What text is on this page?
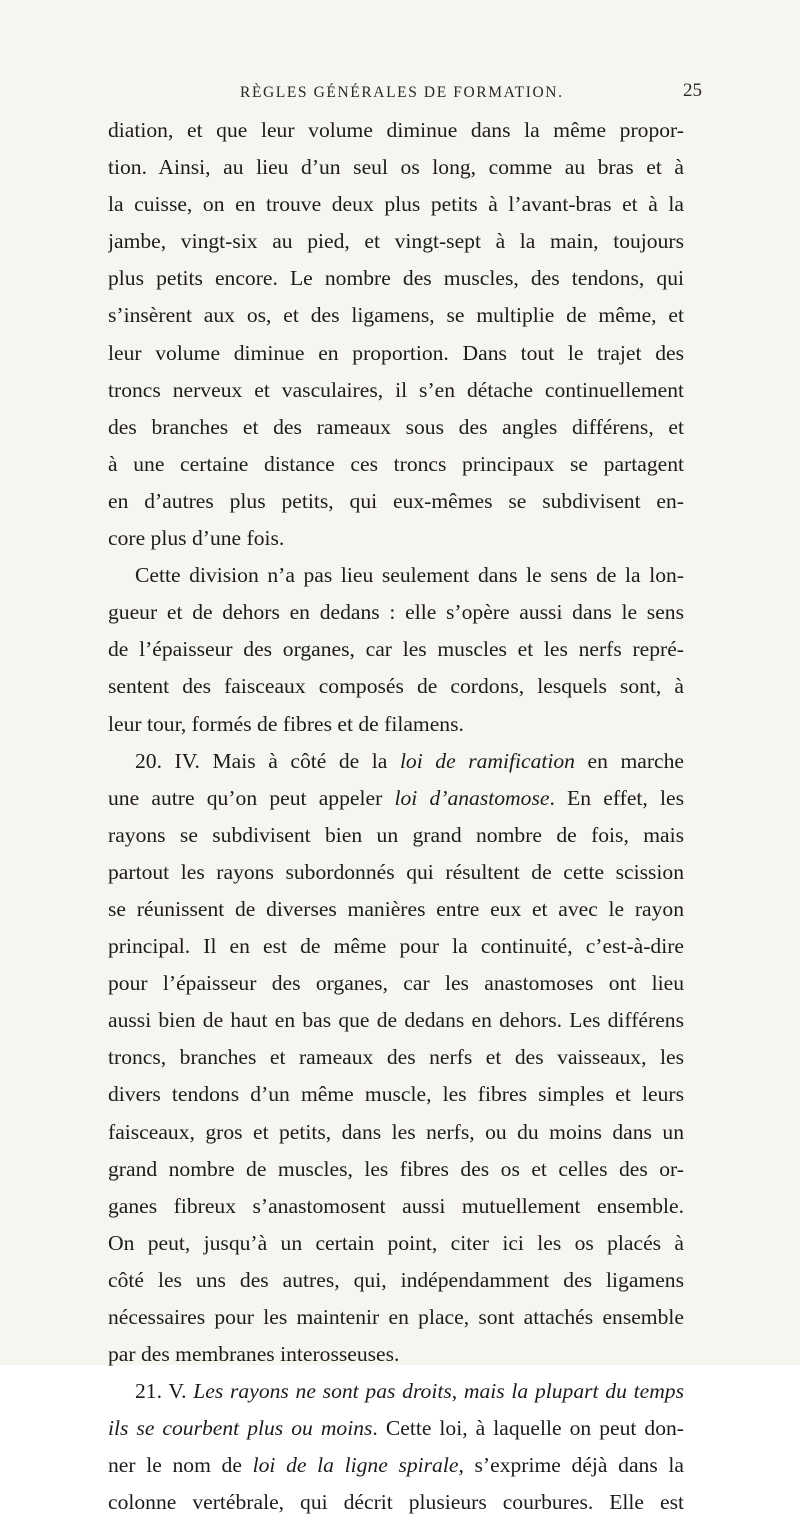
RÈGLES GÉNÉRALES DE FORMATION.	25
diation, et que leur volume diminue dans la même propor-
tion. Ainsi, au lieu d’un seul os long, comme au bras et à
la cuisse, on en trouve deux plus petits à l’avant-bras et à la
jambe, vingt-six au pied, et vingt-sept à la main, toujours
plus petits encore. Le nombre des muscles, des tendons, qui
s’insèrent aux os, et des ligamens, se multiplie de même, et
leur volume diminue en proportion. Dans tout le trajet des
troncs nerveux et vasculaires, il s’en détache continuellement
des branches et des rameaux sous des angles différens, et
à une certaine distance ces troncs principaux se partagent
en d’autres plus petits, qui eux-mêmes se subdivisent en-
core plus d’une fois.
Cette division n’a pas lieu seulement dans le sens de la lon-
gueur et de dehors en dedans : elle s’opère aussi dans le sens
de l’épaisseur des organes, car les muscles et les nerfs repré-
sentent des faisceaux composés de cordons, lesquels sont, à
leur tour, formés de fibres et de filamens.
20. IV. Mais à côté de la loi de ramification en marche
une autre qu’on peut appeler loi d’anastomose. En effet, les
rayons se subdivisent bien un grand nombre de fois, mais
partout les rayons subordonnés qui résultent de cette scission
se réunissent de diverses manières entre eux et avec le rayon
principal. Il en est de même pour la continuité, c’est-à-dire
pour l’épaisseur des organes, car les anastomoses ont lieu
aussi bien de haut en bas que de dedans en dehors. Les différens
troncs, branches et rameaux des nerfs et des vaisseaux, les
divers tendons d’un même muscle, les fibres simples et leurs
faisceaux, gros et petits, dans les nerfs, ou du moins dans un
grand nombre de muscles, les fibres des os et celles des or-
ganes fibreux s’anastomosent aussi mutuellement ensemble.
On peut, jusqu’à un certain point, citer ici les os placés à
côté les uns des autres, qui, indépendamment des ligamens
nécessaires pour les maintenir en place, sont attachés ensemble
par des membranes interosseuses.
21. V. Les rayons ne sont pas droits, mais la plupart du temps
ils se courbent plus ou moins. Cette loi, à laquelle on peut don-
ner le nom de loi de la ligne spirale, s’exprime déjà dans la
colonne vertébrale, qui décrit plusieurs courbures. Elle est
